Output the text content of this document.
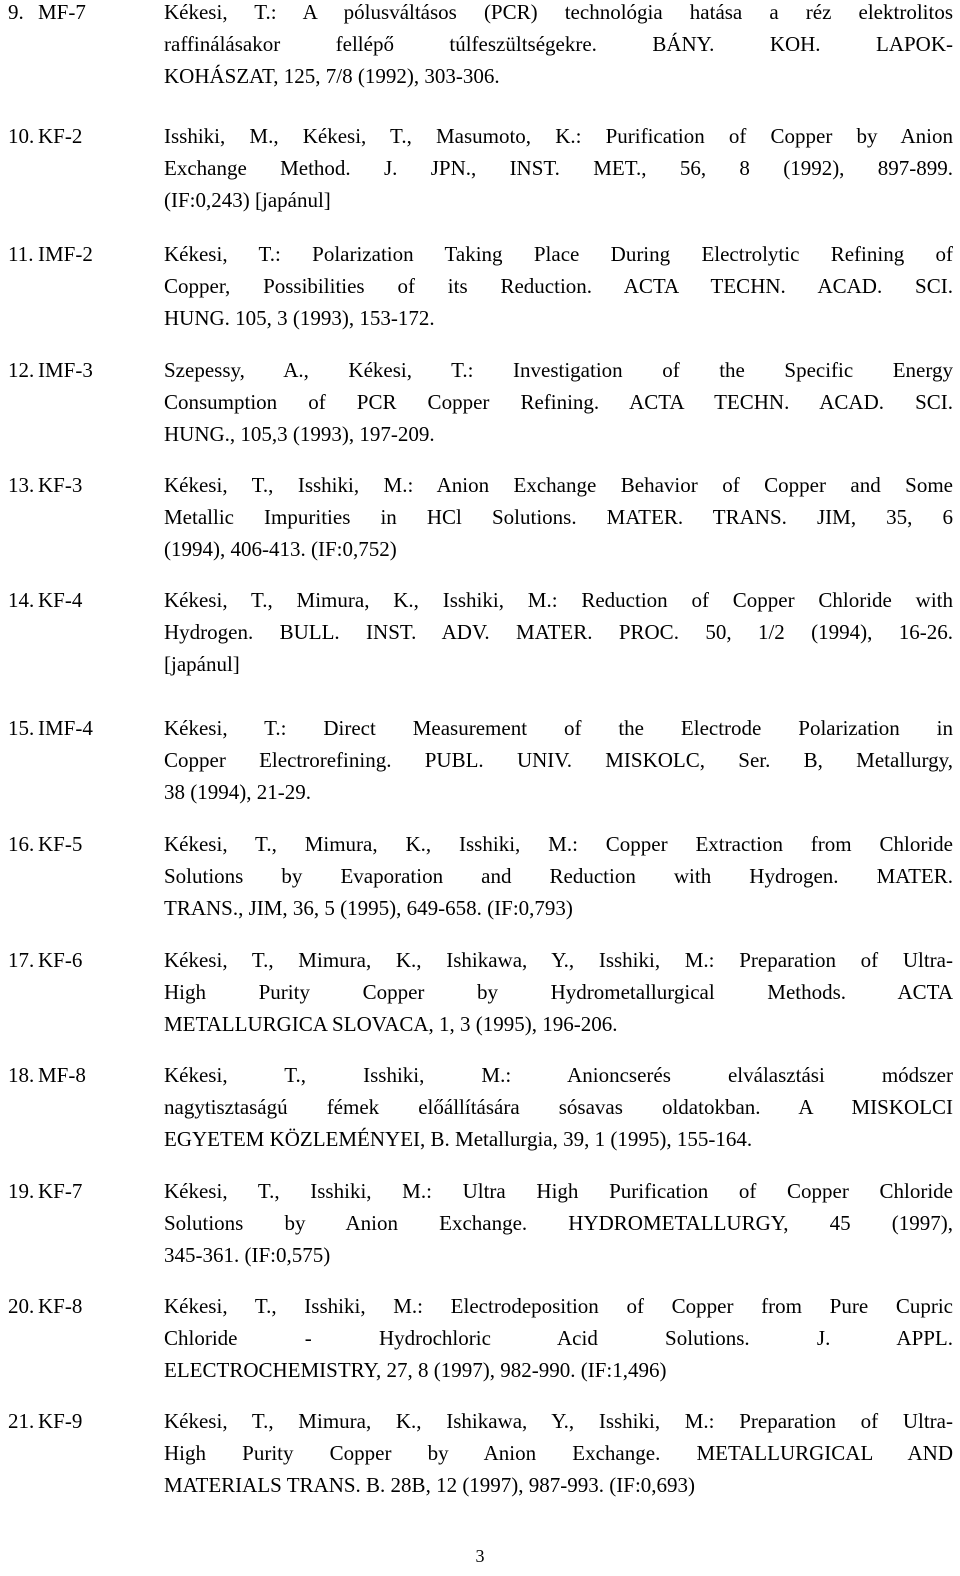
9. MF-7	Kékesi, T.: A pólusváltásos (PCR) technológia hatása a réz elektrolitos
raffinálásakor fellépő túlfeszültségekre. BÁNY. KOH. LAPOK-
KOHÁSZAT, 125, 7/8 (1992), 303-306.
10. KF-2	Isshiki, M., Kékesi, T., Masumoto, K.: Purification of Copper by Anion
Exchange Method. J. JPN., INST. MET., 56, 8 (1992), 897-899.
(IF:0,243) [japánul]
11. IMF-2	Kékesi, T.: Polarization Taking Place During Electrolytic Refining of
Copper, Possibilities of its Reduction. ACTA TECHN. ACAD. SCI.
HUNG. 105, 3 (1993), 153-172.
12. IMF-3	Szepessy, A., Kékesi, T.: Investigation of the Specific Energy
Consumption of PCR Copper Refining. ACTA TECHN. ACAD. SCI.
HUNG., 105,3 (1993), 197-209.
13. KF-3	Kékesi, T., Isshiki, M.: Anion Exchange Behavior of Copper and Some
Metallic Impurities in HCl Solutions. MATER. TRANS. JIM, 35, 6
(1994), 406-413. (IF:0,752)
14. KF-4	Kékesi, T., Mimura, K., Isshiki, M.: Reduction of Copper Chloride with
Hydrogen. BULL. INST. ADV. MATER. PROC. 50, 1/2 (1994), 16-26.
[japánul]
15. IMF-4	Kékesi, T.: Direct Measurement of the Electrode Polarization in
Copper Electrorefining. PUBL. UNIV. MISKOLC, Ser. B, Metallurgy,
38 (1994), 21-29.
16. KF-5	Kékesi, T., Mimura, K., Isshiki, M.: Copper Extraction from Chloride
Solutions by Evaporation and Reduction with Hydrogen. MATER.
TRANS., JIM, 36, 5 (1995), 649-658. (IF:0,793)
17. KF-6	Kékesi, T., Mimura, K., Ishikawa, Y., Isshiki, M.: Preparation of Ultra-
High Purity Copper by Hydrometallurgical Methods. ACTA
METALLURGICA SLOVACA, 1, 3 (1995), 196-206.
18. MF-8	Kékesi, T., Isshiki, M.: Anioncserés elválasztási módszer
nagytisztaságú fémek előállítására sósavas oldatokban. A MISKOLCI
EGYETEM KÖZLEMÉNYEI, B. Metallurgia, 39, 1 (1995), 155-164.
19. KF-7	Kékesi, T., Isshiki, M.: Ultra High Purification of Copper Chloride
Solutions by Anion Exchange. HYDROMETALLURGY, 45 (1997),
345-361. (IF:0,575)
20. KF-8	Kékesi, T., Isshiki, M.: Electrodeposition of Copper from Pure Cupric
Chloride - Hydrochloric Acid Solutions. J. APPL.
ELECTROCHEMISTRY, 27, 8 (1997), 982-990. (IF:1,496)
21. KF-9	Kékesi, T., Mimura, K., Ishikawa, Y., Isshiki, M.: Preparation of Ultra-
High Purity Copper by Anion Exchange. METALLURGICAL AND
MATERIALS TRANS. B. 28B, 12 (1997), 987-993. (IF:0,693)
3
